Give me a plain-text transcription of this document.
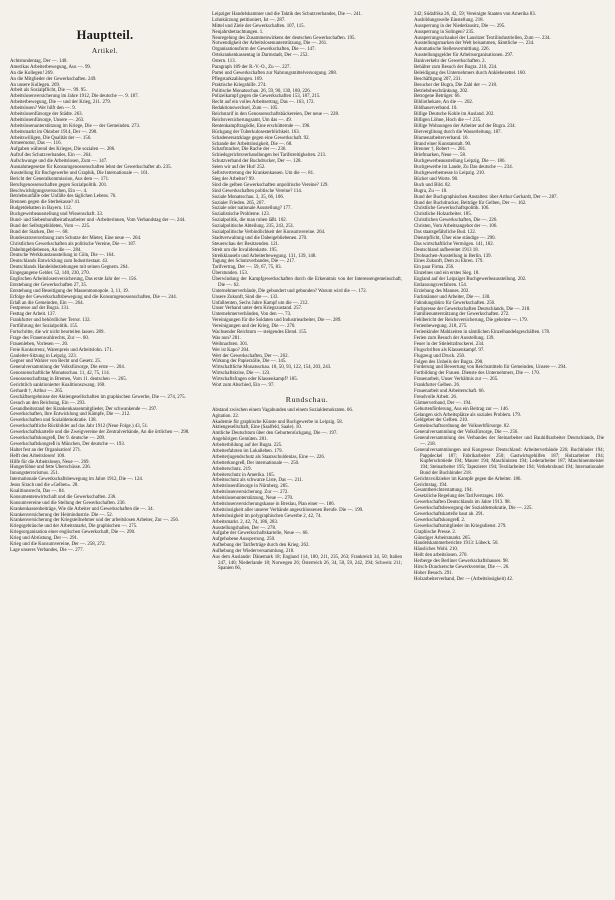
Hauptteil.
Artikel.
Achtstundentag, Der —. 140.
Amerikas Arbeiterbewegung, Aus —. 99.
An die Kollegen! 269.
An die Mitglieder der Gewerkschaften. 249.
An unsere Kollegen. 269.
Arbeit als Sozialpflicht, Die —. 99. 95.
Arbeitslosenversicherung im Jahre 1912, Die deutsche —. 9. 187.
Arbeiterbewegung, Die — und der Krieg, 211. 279.
Arbeitslosen? Wer hilft den —. 9.
Arbeitslosenfürsorge der Städte. 263.
Arbeitslosenfürsorge, Unsere —. 263.
Arbeitslosenunterstützung im Kriege, Die — der Gemeinden. 273.
Arbeitsmarkt im Oktober 1914, Der —. 298.
Arbeitswilligen, Die Qualität der —. 156.
Armeemotor, Das —. 116.
Aufgaben während des Krieges, Die sozialen —. 286.
Aufruf des Schutzverbandes, Ein —. 264.
Aufschwunge und die Arbeitslosen, Zum —. 147.
Ausnahmegesetze für Konsumgenossenschaften lehnt der Gewerkschafter ab. 235.
Ausstellung für Buchgewerbe und Graphik, Die Internationale —. 161.
Bericht der Generalkommission, Aus dem —. 171.
Berufsgenossenschaften gegen Sozialpolitik. 201.
Beschwichtigungsversuchen, Ein —. 4.
Betriebsunfälle oder Unfälle des täglichen Lebens. 76.
Brennen gegen die Sterbekasse? 41.
Budgetdebatten in Bayern. 112.
Buchgewerbeausstellung und Wissenschaft. 33.
Bund- und Siebenbundbeirathsarbeiter und -Arbeiterinnen, Vom Verbandstag der —. 244.
Bund der Selbstgebildeten, Vom —. 225.
Bund der Starken, Der —. 68.
Bundesratsverordnung zum Schutze der Mieter, Eine neue —. 264.
Christlichen Gewerkschaften als politische Vereine, Die —. 187.
Dahelmgebliebenen, An die —. 284.
Deutsche Werkkunstausstellung in Cöln, Die —. 164.
Deutschlands Entwicklung zum Industriestaat. 43.
Deutschlands Handelsbeziehungen mit seinen Gegnern. 264.
Eingegangene Gelder. 52, 140, 230, 270.
Englischen Arbeitslosenversicherung, Das erste Jahr der —. 156.
Entstehung der Gewerkschaften 27, 35.
Entstehung und Beseitigung der Massenmonopole. 3, 11, 19.
Erfolge der Gewerkschaftsbewegung und die Konsumgenossenschaften, Die —. 244.
Erlaß an die Gemeinden, Ein —. 264.
Festpresse auf der Bugra. 131.
Festtag der Arbeit. 137.
Frankfurter und behördlicher Terror. 132.
Fortführung der Sozialpolitik. 155.
Fortschritte, die wir nicht beurteilen lassen. 289.
Frage des Frauenwahlrechts, Zur —. 60.
Frauenleben, Vorlesen —. 20.
Freie Konkurrenz, Warenpreis und Arbeitslohn. 171.
Gauleiter-Sitzung in Leipzig. 223.
Gegner und Wahrer von Recht und Gesetz. 25.
Generalversammlung der Volksfürsorge, Die erste —. 204.
Genossenschaftliche Monatsschau. 11, 42, 75, 114.
Genossenschaftstag in Bremen, Vom 11. deutschen —. 265.
Gerichtlich sanktionierter Koalitionszwang. 160.
Gerhardt †, Arthur —. 265.
Geschäftsergebnisse der Aktiengesellschaften im graphischen Gewerbe, Die —. 274, 275.
Gesuch an den Reichstag, Ein —. 293.
Gesundheitsstand der Krankenkassenmitglieder, Der schwankende —. 297.
Gewerkschaften, Ihre Entwicklung und Kämpfe, Die —. 212.
Gewerkschaften und Sozialdemokratie. 138.
Gewerkschaftliche Rückbilder auf das Jahr 1912 (Neue Folge.) 43, 51.
Gewerkschaftskartelle und die Zweigvereine der Zentralverbände, An die örtlichen —. 298.
Gewerkschaftskongreß, Der 9. deutsche —. 209.
Gewerkschaftskongreß in München, Der deutsche —. 193.
Haltet fest an der Organisation! 271.
Helft den Arbeitslosen! 100.
Hilfe für die Arbeitslosen, Neue —. 269.
Hungerlöhne und fette Überschüsse. 236.
Innungsterrorismus. 251.
Internationale Gewerkschaftsbewegung im Jahre 1912, Die —. 124.
Jesus Sirach und die «Gelben». 28.
Koalitionsrecht, Das —. 84.
Konsumentenwirtschaft und die Gewerkschaften. 236.
Konsumvereine und die Stellung der Gewerkschaften. 236.
Krankenkassenbeiträge, Wie die Arbeiter und Gewerkschaften die —. 34.
Krankenversicherung der Heimindustrie. Die —. 52.
Krankenversicherung der Kriegsteilnehmer und der arbeitslosen Arbeiter, Zur —. 256.
Kriegsgebräuche und der Arbeitsmarkt, Die graphischen —. 275.
Kriegsorganisation einer englischen Gewerkschaft, Die —. 290.
Krieg und Abrüstung, Der —. 291.
Krieg und die Konsumvereine, Der —. 258, 272.
Lage unseres Verbandes, Die —. 277.
Leipziger Handelskammer und die Taktik des Schutzverbandes, Die —. 241.
Lohnkürzung petitioniert, Ist —. 287.
Mittel und Ziele der Gewerkschaften. 107, 115.
Neujahrsbetrachtungen. 1.
Neuregelung des Zusammenwirkens der deutschen Gewerkschaften. 195.
Notwendigkeit der Arbeitslosenunterstützung, Die —. 261.
Organisationsform der Gewerkschaften, Die —. 147.
Ortskrankenkassentag in Darmstadt, Der —. 252.
Ostern. 113.
Paragraph 189 der R.-V.-O., Zu —. 227.
Partei und Gewerkschaften zur Nahrungsmittelversorgung. 288.
Pflegstarkzahlungen. 169.
Praktische Kriegshilfe. 274.
Politische Monatsschau. 26, 59, 90, 130, 180, 226.
Polizeikampf gegen die Gewerkschaften 153, 187, 215.
Recht auf ein volles Arbeitsertrag, Das —. 163, 172.
Redaktionswechsel, Zum —. 105.
Reichstarif in den Genossenschaftsbäckereien, Der neue —. 228.
Reichsversicherungsamt, Um das —. 49.
Rentenkampftragödie, Eine erschütternde —. 196.
Rückgang der Tuberkulosesterblichkeit. 163.
Schadenersatzklage gegen eine Gewerkschaft. 92.
Schande der Arbeitslosigkeit, Die —. 68.
Scharfmacher, Die Rache der —. 236.
Schiedsgerichtsverhandlungen bei Tarifstreitigkeiten. 213.
Schutzverband der Buchdrucker, Der —. 128.
Seien wir auf der Hut! 252.
Selbstvertretung der Krankenkassen. Um die —. 81.
Sieg der Arbeiter? 99.
Sind die gelben Gewerkschaften unpolitische Vereine? 129.
Sind Gewerkschaften politische Vereine? 114.
Soziale Monatsschau. 3, 35, 66, 106.
Sozialer Frieden. 265, 267.
Soziale oder nationale Ausstellung? 177.
Sozialistische Probleme. 123.
Sozialpolitik, die man ruhen läßt. 102.
Sozialpolitische Abteilung. 235, 243, 251.
Sozialpolitische Verbindlichkeit der Konsumvereine. 264.
Stadtverwaltung und die Dabeigebliebenen. 270.
Steuerschau der Besitzenden. 121.
Streit um die Invalidenkarte. 195.
Streikklauseln und Arbeiterbewegung. 131, 139, 148.
Tagung des Schutzverbandes, Die —. 217.
Tarifvertrag, Der —. 59, 67, 75, 83.
Überstunden. 153.
Überwindung der Kampfgewerkschaften durch die Erkenntnis von der Interessengemeinschaft, Die —. 62.
Unternehmerverbände, Die gebundert und gebunden? Warum wird die —. 172.
Unsere Zukunft, Sind die —. 133.
Unfallrenten, Sechs Jahre Kampf um die —. 212.
Unser Verband unter dem Kriegszustand. 257.
Unternehmerverbänden, Von den —. 73.
Vereinigungen für die Soldaten und Industriearbeiter, Die —. 289.
Vereinigungen und der Krieg, Die —. 270.
Wachsender Reichtum — steigendes Elend. 155.
Was nun? 281.
Weihnachten. 301.
Wer ist Kapo? 204.
Wert der Gewerkschaften, Der —. 262.
Wirkung der Papierzölle, Die —. 145.
Wirtschaftliche Monatsschau. 18, 50, 93, 122, 154, 203, 243.
Wirtschaftskrise, Die —. 123.
Wirtschaftsfragen oder Klassenkampf? 185.
Wort zum Abschied, Ein —. 97.
Rundschau.
Abstand zwischen einem Vagabunden und einem Sozialdemokraten. 66.
Agitation. 22.
Akademie für graphische Künste und Buchgewerbe in Leipzig. 58.
Aktiengesellschaft, Eine (Saalfeld, Saale). 10.
Amtliche Deutschtum über den Geburtenrückgang, Die —. 197.
Angehörigen Gemüten. 281.
Arbeiterbildung auf der Bugra. 225.
Arbeiterfahrten im Lokalleben. 179.
Arbeiterjugendschutz als Staatsschuldenlas, Eine —. 226.
Arbeiterkongreß, Der internationale —. 250.
Arbeiterschutz. 219.
Arbeiterschutz in Amerika. 165.
Arbeitsschutz als schwarze Liste, Das —. 211.
Arbeitslosenfürsorge in Nürnberg. 285.
Arbeitslosenversicherung. Zur —. 272.
Arbeitslosenunterstützung, Neue —. 270.
Arbeitslosenversicherungskasse in Breslau, Plan einer —. 186.
Arbeitslosigkeit aller unserer Verbände angeschlossenen Berufe. Die —. 199.
Arbeitslosigkeit im polygraphischen Gewerbe 2, 42, 74.
Arbeitsmarkt. 2, 42, 74, 186, 283.
Ausstellungshallen, Der —. 278.
Aufgabe der Gewerkschaftskartelle, Neue —. 66.
Aufgehobene Aussperrung. 250.
Aufhebung der Tariferträge durch den Krieg. 262.
Aufhebung der Wiederversammlung. 218.
Aus dem Auslande: Dänemark 18; England 114, 180, 211, 235, 263; Frankreich 34, 50; Italien 247, 140; Niederlande 18; Norwegen 26; Österreich 26, 34, 50, 59, 242, 294; Schweiz 211; Spanien 66,
242; Südafrika 26, 42, 59; Vereinigte Staaten von Amerika 83.
Ausbildungswelle Einstellung. 218.
Aussperrung in der Niederlausitz, Die —. 295.
Aussperrung in Solingen? 235.
Aussperrungsschaukel der Lausitzer Textilindustriellen, Zum —. 234.
Ausstellungsmarken der Welt beisammen, Sämtliche —. 234.
Automatische Stellenvermittlung. 226.
Ausstellungsgelder für Arbeitsorganisationen. 297.
Bankverkehr der Gewerkschaften. 2.
Behälter zum Besuch der Bugra. 210, 234.
Beleidigung des Unternehmers durch Anklebezettel. 160.
Beschäftigung 207, 231.
Besucher der Bugra, Die Zahl der —. 218.
Betriebsbeschränkung. 202.
Betrogene Betrüger. 66.
Bibliothekare, An die —. 202.
Bildhauerverband. 10.
Billige Deutsche Kohle im Ausland. 202.
Billigen Löhne, Hoch die —! 235.
Billige Wohnungen der Arbeiter auf der Bugra. 234.
Bierverglitung durch die Wasserleitung. 187.
Blumenarbeiterverband. 10.
Brand einer Kunstanstalt. 90.
Brenner †, Robert —. 281.
Briefmarken, Neue —. 58.
Buchgewerbeausstellung Leipzig, Die —. 186.
Buchgewerbe im Lande, Zu Das deutsche —. 234.
Buchgewerbemesse in Leipzig. 210.
Bücher und Worte. 98.
Buch und Bild. 82.
Bugra, Zu — 18.
Bund der Buchgraphischen Anstalten: über Arthur Gerhardt, Der —. 287.
Bund der Buchdrucker, Beiträge für Gelben, Der —. 162.
Christliche Gewerkschaftspolitik. 106.
Christliche Holzarbeiter. 185.
Christlichen Gewerkschaften, Die —. 226.
Christen, Vom Arbeitsangebot der —. 106.
Das staatsgefährliche Bud. 122.
Dienstpflicht, Über eine ständige —. 290.
Das wirtschaftliche Vermögen. 141, 182.
Deutschland aufbereitet 1913 18.
Drohsachen-Ausstellung in Berlin. 139.
Eines Zukunft, Dem zu Ehren. 179.
Ein paar Firma. 256.
Einzelnes und ein erstes Sieg. 18.
England auf der Leipziger Buchgewerbeausstellung. 202.
Entlassungsverfahren. 154.
Erziehung des Mannes. 202.
Fachmänner und Arbeiter, Die —. 130.
Fahndungsbüro für Gewerkschaften. 256.
Fachpresse der Gewerkschaften Deutschlands, Die —. 218.
Familienunterstützung der Gewerkschaften. 272.
Fehlbericht der Reichsversicherung, Die geheime —. 179.
Ferienbewegung. 218, 275.
Ferienkinder Mahlzeiten in sämtlichen Einzelhandelsgeschäften. 178.
Ferien zum Besuch der Ausstellung. 139.
Feuer in der Stieleitzdruckerei. 234.
Flugschriften als Klassenkampf. 97.
Flugzeug und Druck. 250.
Folgen des Unheils der Bugra. 290.
Forderung und Bewertung von Reichsmitteln für Gemeinden, Unsere —. 294.
Fortbildung der Frauen. Dienste des Unternehmers, Die —. 170.
Frauenarbeit, Unser Verhältnis zur —. 265.
Frankfurter Gelben. 26.
Frauenarbeit und Arbeiterschaft. 66.
Freudvolle Arbeit. 26.
Gärtnerverband, Der —. 194.
Geburtenförderung, Aus ein Beitrag zur —. 146.
Gelangen sich Arbeitsplätze als soziales Problem. 179.
Geldgeber der Gelben. 210.
Gemeinschaftsordnung der Volkserbfürsorge. 82.
Generalversammlung der Volksfürsorge, Die —. 256.
Generalversammlung des Verbandes der Steinarbeiter und Bauhilfsarbeiter Deutschlands, Die —. 218.
Generalversammlungen und Kongresse: Deutschland: Arbeiterverbände 226; Buchbinder 194; Pappdeckel 187; Fabrikarbeiter 250; Gastwirtsgehilfen 187; Holzarbeiter 194; Kupferschmiede 194; Maurer 194; Maschinisten 194; Lederarbeiter 187; Maschinenmeister 194; Steinarbeiter 195; Tapezierer 194; Textilarbeiter 194; Verkehrsbund 194; Internationaler Bund der Buchbinder 218.
Gerichtsvollzieher im Kampfe gegen die Arbeiter. 186.
Gerichtstag. 194.
Gesamtberichterstattung. 194.
Gesetzliche Regelung des Tarifvertrages. 106.
Gewerkschaften Deutschlands im Jahre 1913. 98.
Gewerkschaftsbewegung der Sozialdemokratie, Die —. 225.
Gewerkschaftskartelle baut ab. 291.
Gewerkschaftskongreß. 2.
Gewerkschaftsmitglieder im Kriegsdienst. 279.
Graphische Presse. 2.
Günstiger Arbeitsmarkt. 265.
Handelskammerberichte 1913: Lübeck. 50.
Häusliches Wohl. 210.
Heilt den arbeitslosen. 270.
Herberge des Berliner Gewerkschaftshauses. 98.
Hirsch-Dunckersche Gewerkvereine, Die —. 26.
Hoher Besuch. 291.
Holzarbeiterverband, Der — (Arbeitslosigkeit) 42.
